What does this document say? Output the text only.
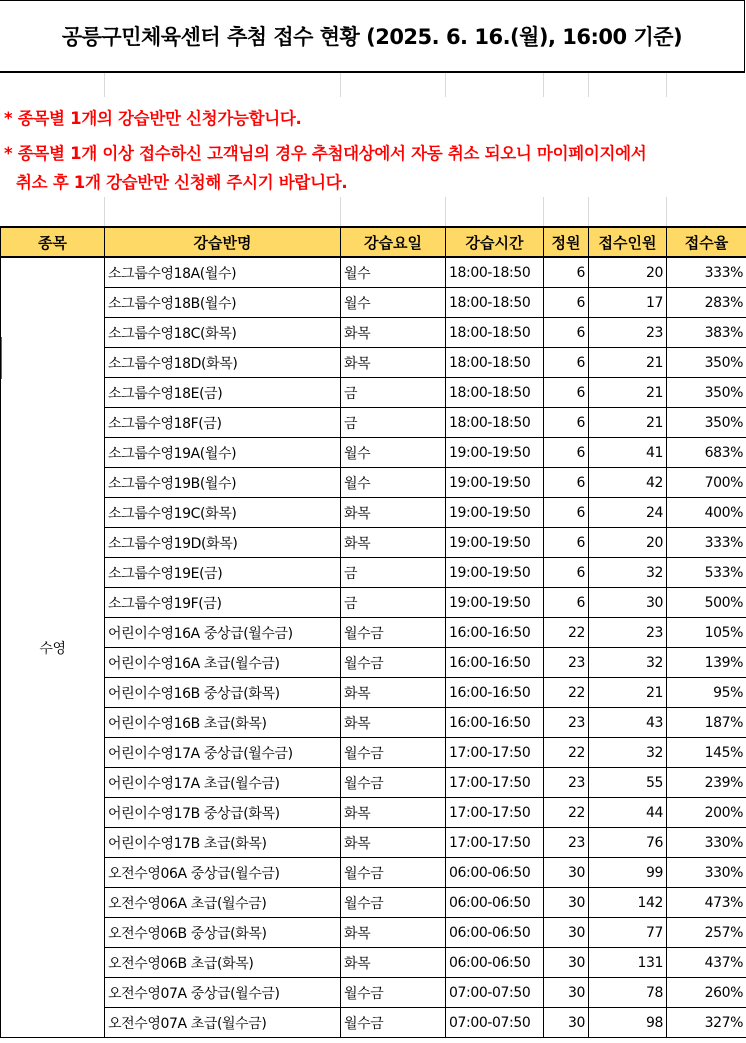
공릉구민체육센터 추첨 접수 현황 (2025. 6. 16.(월), 16:00 기준)
* 종목별 1개의 강습반만 신청가능합니다.
* 종목별 1개 이상 접수하신 고객님의 경우 추첨대상에서 자동 취소 되오니 마이페이지에서
취소 후 1개 강습반만 신청해 주시기 바랍니다.
종목	강습반명	강습요일	강습시간	정원	접수인원	접수율
수영	소그룹수영18A(월수)	월수	18:00-18:50	6	20	333%
	소그룹수영18B(월수)	월수	18:00-18:50	6	17	283%
	소그룹수영18C(화목)	화목	18:00-18:50	6	23	383%
	소그룹수영18D(화목)	화목	18:00-18:50	6	21	350%
	소그룹수영18E(금)	금	18:00-18:50	6	21	350%
	소그룹수영18F(금)	금	18:00-18:50	6	21	350%
	소그룹수영19A(월수)	월수	19:00-19:50	6	41	683%
	소그룹수영19B(월수)	월수	19:00-19:50	6	42	700%
	소그룹수영19C(화목)	화목	19:00-19:50	6	24	400%
	소그룹수영19D(화목)	화목	19:00-19:50	6	20	333%
	소그룹수영19E(금)	금	19:00-19:50	6	32	533%
	소그룹수영19F(금)	금	19:00-19:50	6	30	500%
	어린이수영16A 중상급(월수금)	월수금	16:00-16:50	22	23	105%
	어린이수영16A 초급(월수금)	월수금	16:00-16:50	23	32	139%
	어린이수영16B 중상급(화목)	화목	16:00-16:50	22	21	95%
	어린이수영16B 초급(화목)	화목	16:00-16:50	23	43	187%
	어린이수영17A 중상급(월수금)	월수금	17:00-17:50	22	32	145%
	어린이수영17A 초급(월수금)	월수금	17:00-17:50	23	55	239%
	어린이수영17B 중상급(화목)	화목	17:00-17:50	22	44	200%
	어린이수영17B 초급(화목)	화목	17:00-17:50	23	76	330%
	오전수영06A 중상급(월수금)	월수금	06:00-06:50	30	99	330%
	오전수영06A 초급(월수금)	월수금	06:00-06:50	30	142	473%
	오전수영06B 중상급(화목)	화목	06:00-06:50	30	77	257%
	오전수영06B 초급(화목)	화목	06:00-06:50	30	131	437%
	오전수영07A 중상급(월수금)	월수금	07:00-07:50	30	78	260%
	오전수영07A 초급(월수금)	월수금	07:00-07:50	30	98	327%
